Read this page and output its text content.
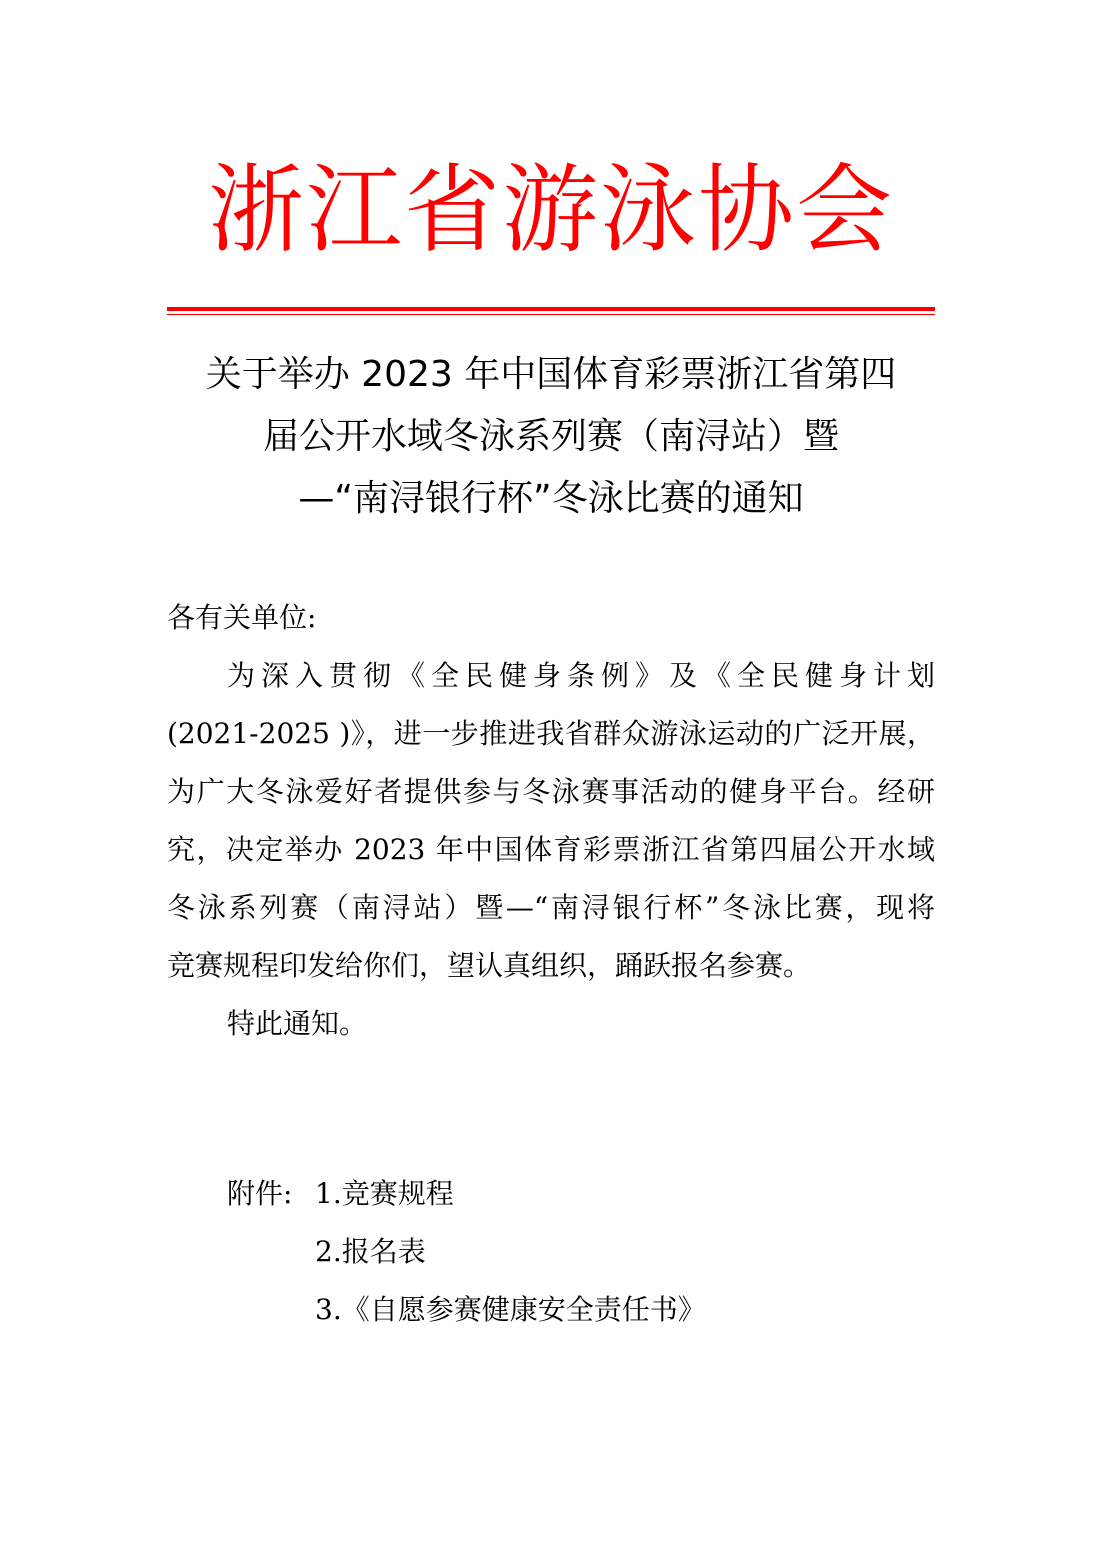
浙江省游泳协会
关于举办 2023 年中国体育彩票浙江省第四
届公开水域冬泳系列赛（南浔站）暨
—“南浔银行杯”冬泳比赛的通知
各有关单位:
为深入贯彻《全民健身条例》及《全民健身计划
(2021-2025 )》，进一步推进我省群众游泳运动的广泛开展，
为广大冬泳爱好者提供参与冬泳赛事活动的健身平台。经研
究，决定举办 2023 年中国体育彩票浙江省第四届公开水域
冬泳系列赛（南浔站）暨—“南浔银行杯”冬泳比赛，现将
竞赛规程印发给你们，望认真组织，踊跃报名参赛。
特此通知。
附件: 1.竞赛规程
2.报名表
3.《自愿参赛健康安全责任书》
